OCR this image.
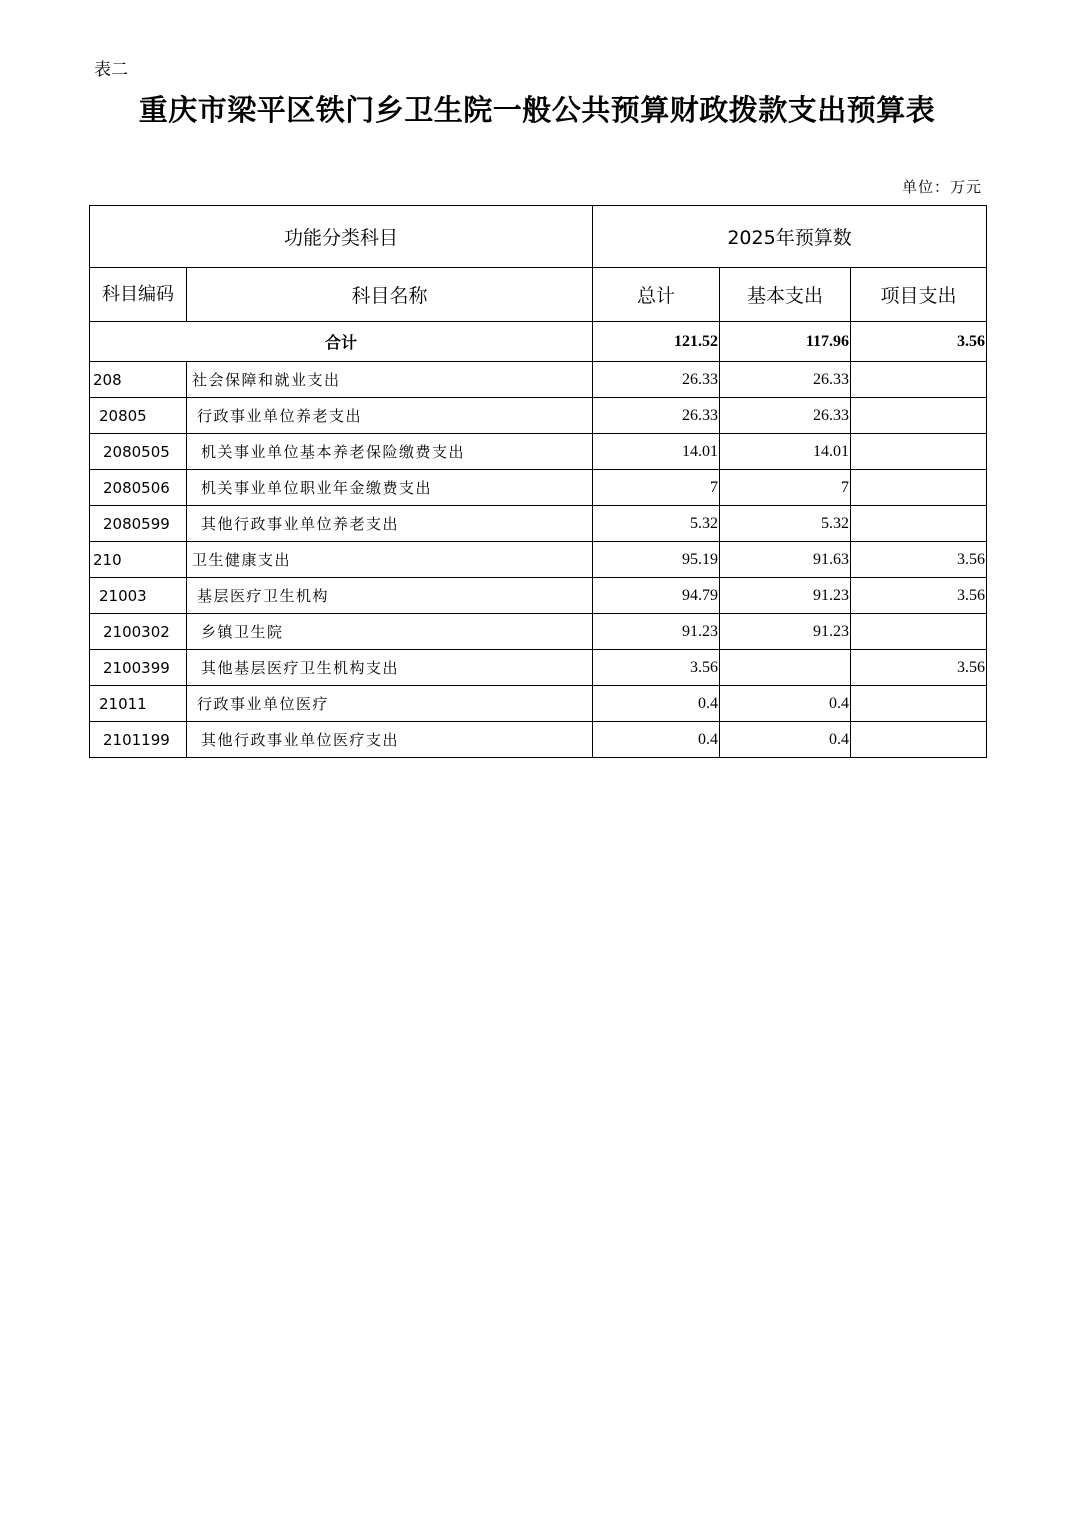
表二
重庆市梁平区铁门乡卫生院一般公共预算财政拨款支出预算表
单位：万元
功能分类科目		2025年预算数		
科目编码	科目名称	总计	基本支出	项目支出
合计		121.52	117.96	3.56
208	社会保障和就业支出	26.33	26.33	
20805	行政事业单位养老支出	26.33	26.33	
2080505	机关事业单位基本养老保险缴费支出	14.01	14.01	
2080506	机关事业单位职业年金缴费支出	7	7	
2080599	其他行政事业单位养老支出	5.32	5.32	
210	卫生健康支出	95.19	91.63	3.56
21003	基层医疗卫生机构	94.79	91.23	3.56
2100302	乡镇卫生院	91.23	91.23	
2100399	其他基层医疗卫生机构支出	3.56		3.56
21011	行政事业单位医疗	0.4	0.4	
2101199	其他行政事业单位医疗支出	0.4	0.4	
